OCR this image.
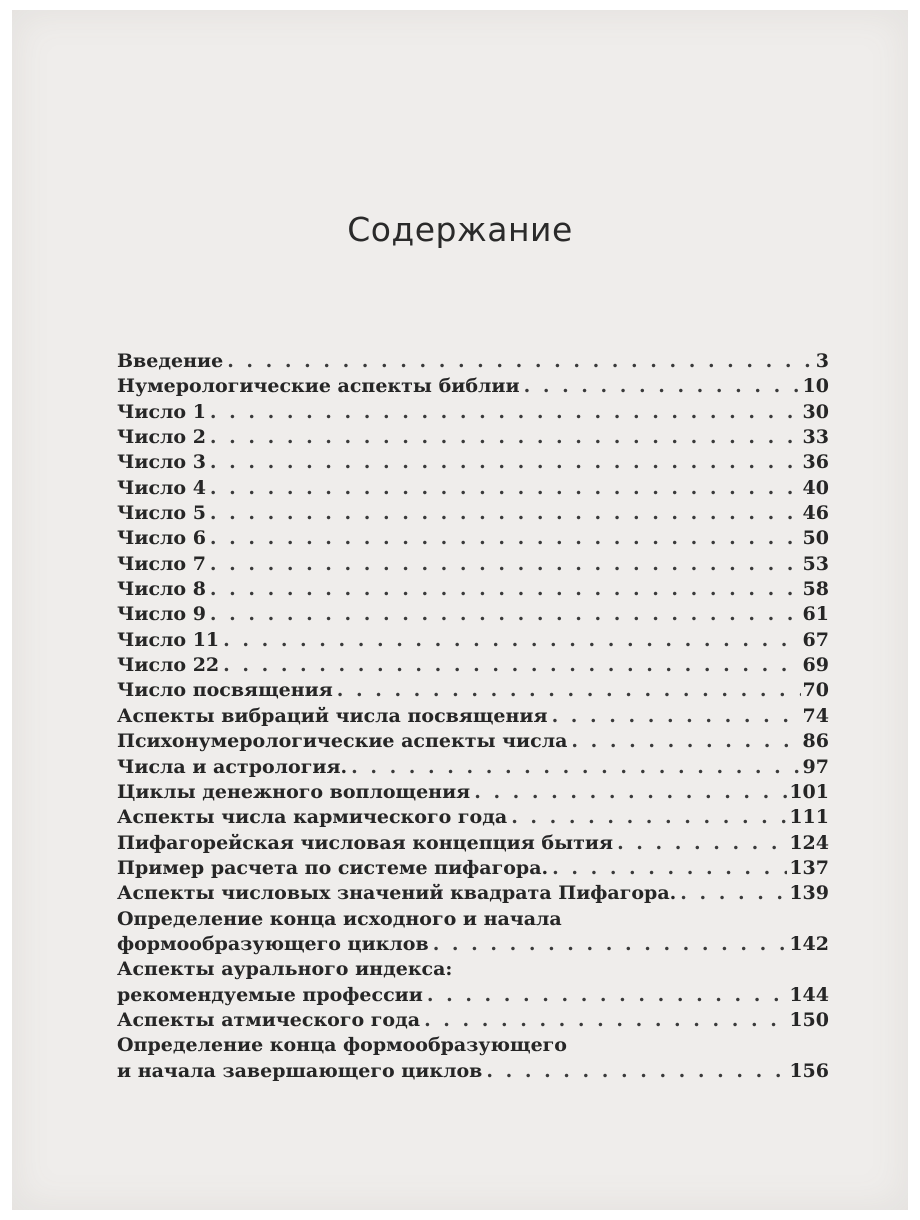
Содержание
Введение . . .	3
Нумерологические аспекты библии . . .	10
Число 1 . . .	30
Число 2 . . .	33
Число 3 . . .	36
Число 4 . . .	40
Число 5 . . .	46
Число 6 . . .	50
Число 7 . . .	53
Число 8 . . .	58
Число 9 . . .	61
Число 11 . . .	67
Число 22 . . .	69
Число посвящения . . .	70
Аспекты вибраций числа посвящения . . .	74
Психонумерологические аспекты числа . . .	86
Числа и астрология. . . .	97
Циклы денежного воплощения . . .	101
Аспекты числа кармического года . . .	111
Пифагорейская числовая концепция бытия . . .	124
Пример расчета по системе пифагора. . . .	137
Аспекты числовых значений квадрата Пифагора. . . .	139
Определение конца исходного и начала
формообразующего циклов . . .	142
Аспекты аурального индекса:
рекомендуемые профессии . . .	144
Аспекты атмического года . . .	150
Определение конца формообразующего
и начала завершающего циклов . . .	156
